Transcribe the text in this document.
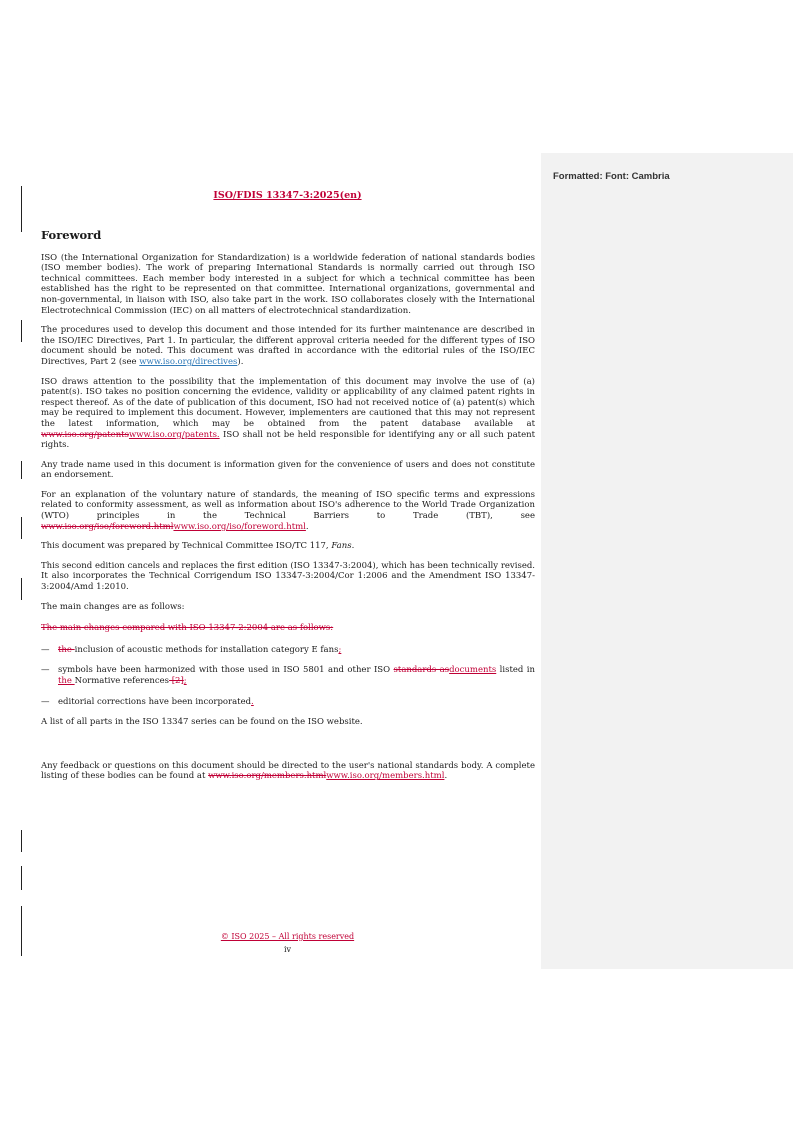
Formatted: Font: Cambria
ISO/FDIS 13347-3:2025(en)
Foreword

ISO (the International Organization for Standardization) is a worldwide federation of national standards bodies (ISO member bodies). The work of preparing International Standards is normally carried out through ISO technical committees. Each member body interested in a subject for which a technical committee has been established has the right to be represented on that committee. International organizations, governmental and non-governmental, in liaison with ISO, also take part in the work. ISO collaborates closely with the International Electrotechnical Commission (IEC) on all matters of electrotechnical standardization.

The procedures used to develop this document and those intended for its further maintenance are described in the ISO/IEC Directives, Part 1. In particular, the different approval criteria needed for the different types of ISO document should be noted. This document was drafted in accordance with the editorial rules of the ISO/IEC Directives, Part 2 (see www.iso.org/directives).

ISO draws attention to the possibility that the implementation of this document may involve the use of (a) patent(s). ISO takes no position concerning the evidence, validity or applicability of any claimed patent rights in respect thereof. As of the date of publication of this document, ISO had not received notice of (a) patent(s) which may be required to implement this document. However, implementers are cautioned that this may not represent the latest information, which may be obtained from the patent database available at www.iso.org/patentswww.iso.org/patents. ISO shall not be held responsible for identifying any or all such patent rights.

Any trade name used in this document is information given for the convenience of users and does not constitute an endorsement.

For an explanation of the voluntary nature of standards, the meaning of ISO specific terms and expressions related to conformity assessment, as well as information about ISO's adherence to the World Trade Organization (WTO) principles in the Technical Barriers to Trade (TBT), see
www.iso.org/iso/foreword.htmlwww.iso.org/iso/foreword.html.

This document was prepared by Technical Committee ISO/TC 117, Fans.

This second edition cancels and replaces the first edition (ISO 13347-3:2004), which has been technically revised. It also incorporates the Technical Corrigendum ISO 13347-3:2004/Cor 1:2006 and the Amendment ISO 13347-3:2004/Amd 1:2010.

The main changes are as follows:

The main changes compared with ISO 13347-2:2004 are as follows:

—	the inclusion of acoustic methods for installation category E fans;
—	symbols have been harmonized with those used in ISO 5801 and other ISO standards asdocuments listed in the Normative references [2];
—	editorial corrections have been incorporated.

A list of all parts in the ISO 13347 series can be found on the ISO website.

Any feedback or questions on this document should be directed to the user's national standards body. A complete listing of these bodies can be found at www.iso.org/members.htmlwww.iso.org/members.html.

© ISO 2025 – All rights reserved
iv
